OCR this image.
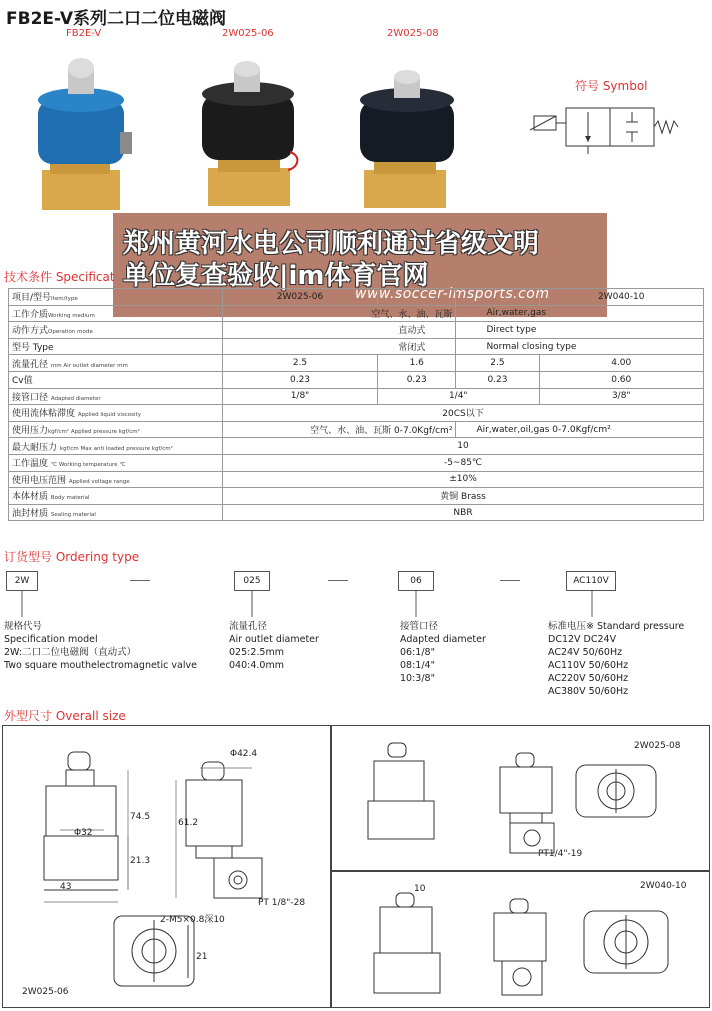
FB2E-V系列二口二位电磁阀
FB2E-V	2W025-06	2W025-08
符号 Symbol
郑州黄河水电公司顺利通过省级文明
单位复查验收|im体育官网
www.soccer-imsports.com
技术条件 Specificat
项目/型号Item/type	2W025-06			2W040-10
工作介质Working medium	空气、水、油、瓦斯		Air,water,gas	
动作方式Operation mode	直动式		Direct type	
型号 Type	常闭式		Normal closing type	
流量孔径 mm Air outlet diameter mm	2.5	1.6	2.5	4.00
Cv值	0.23	0.23	0.23	0.60
接管口径 Adapted diameter	1/8"	1/4"		3/8"
使用流体粘滞度 Applied liquid viscosity	20CS以下			
使用压力kgf/cm² Applied pressure kgf/cm²	空气、水、油、瓦斯 0-7.0Kgf/cm²		Air,water,oil,gas 0-7.0Kgf/cm²	
最大耐压力 kgf/cm Max anti loaded pressure kgf/cm²	10			
工作温度 ℃ Working temperature ℃	-5~85℃			
使用电压范围 Applied voltage range	±10%			
本体材质 Body material	黄铜 Brass			
油封材质 Sealing material	NBR			
订货型号 Ordering type
2W	025	06	AC110V
规格代号
Specification model
2W:二口二位电磁阀（直动式）
Two square mouthelectromagnetic valve
流量孔径
Air outlet diameter
025:2.5mm
040:4.0mm
接管口径
Adapted diameter
06:1/8"
08:1/4"
10:3/8"
标准电压※ Standard pressure
DC12V DC24V
AC24V 50/60Hz
AC110V 50/60Hz
AC220V 50/60Hz
AC380V 50/60Hz
外型尺寸 Overall size
Φ32
43
74.5
21.3
Φ42.4
61.2
PT 1/8"-28
2-M5×0.8深10
21
2W025-06
2W025-08
PT1/4"-19
2W040-10
10
